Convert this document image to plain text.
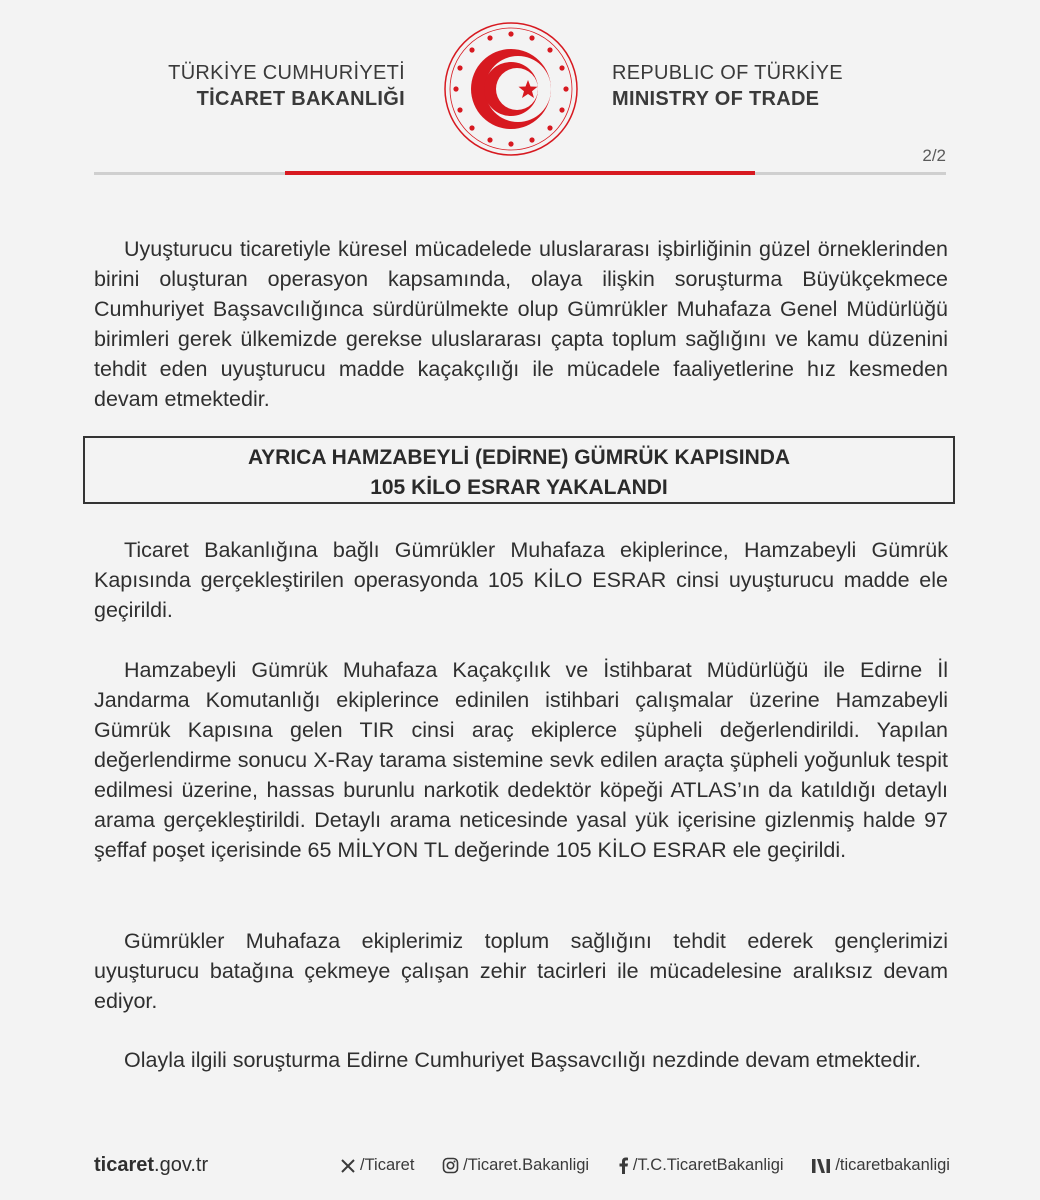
TÜRKİYE CUMHURİYETİ
TİCARET BAKANLIĞI
REPUBLIC OF TÜRKİYE
MINISTRY OF TRADE
2/2

Uyuşturucu ticaretiyle küresel mücadelede uluslararası işbirliğinin güzel örneklerinden birini oluşturan operasyon kapsamında, olaya ilişkin soruşturma Büyükçekmece Cumhuriyet Başsavcılığınca sürdürülmekte olup Gümrükler Muhafaza Genel Müdürlüğü birimleri gerek ülkemizde gerekse uluslararası çapta toplum sağlığını ve kamu düzenini tehdit eden uyuşturucu madde kaçakçılığı ile mücadele faaliyetlerine hız kesmeden devam etmektedir.

AYRICA HAMZABEYLİ (EDİRNE) GÜMRÜK KAPISINDA
105 KİLO ESRAR YAKALANDI

Ticaret Bakanlığına bağlı Gümrükler Muhafaza ekiplerince, Hamzabeyli Gümrük Kapısında gerçekleştirilen operasyonda 105 KİLO ESRAR cinsi uyuşturucu madde ele geçirildi.

Hamzabeyli Gümrük Muhafaza Kaçakçılık ve İstihbarat Müdürlüğü ile Edirne İl Jandarma Komutanlığı ekiplerince edinilen istihbari çalışmalar üzerine Hamzabeyli Gümrük Kapısına gelen TIR cinsi araç ekiplerce şüpheli değerlendirildi. Yapılan değerlendirme sonucu X-Ray tarama sistemine sevk edilen araçta şüpheli yoğunluk tespit edilmesi üzerine, hassas burunlu narkotik dedektör köpeği ATLAS’ın da katıldığı detaylı arama gerçekleştirildi. Detaylı arama neticesinde yasal yük içerisine gizlenmiş halde 97 şeffaf poşet içerisinde 65 MİLYON TL değerinde 105 KİLO ESRAR ele geçirildi.

Gümrükler Muhafaza ekiplerimiz toplum sağlığını tehdit ederek gençlerimizi uyuşturucu batağına çekmeye çalışan zehir tacirleri ile mücadelesine aralıksız devam ediyor.

Olayla ilgili soruşturma Edirne Cumhuriyet Başsavcılığı nezdinde devam etmektedir.

ticaret.gov.tr	/Ticaret	/Ticaret.Bakanligi	/T.C.TicaretBakanligi	/ticaretbakanligi
